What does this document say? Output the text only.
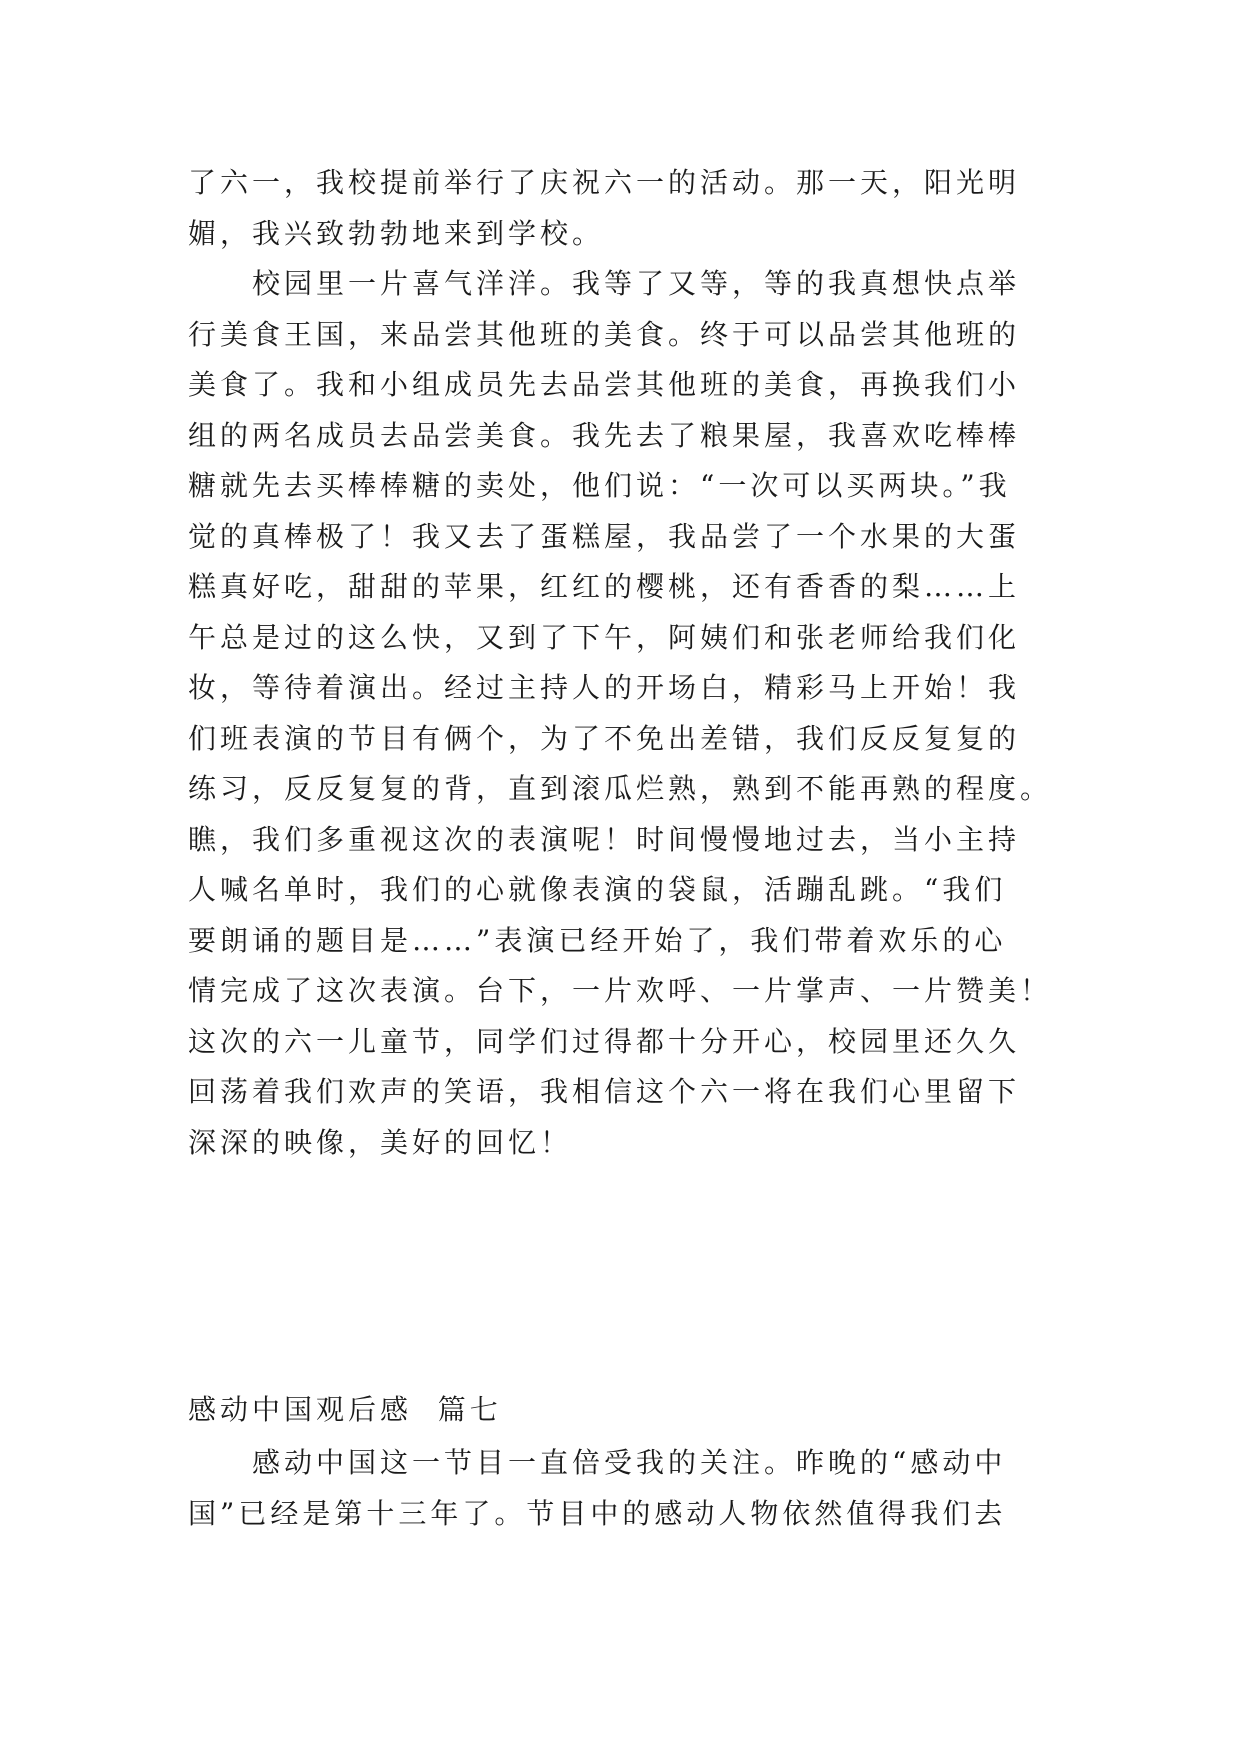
了六一，我校提前举行了庆祝六一的活动。那一天，阳光明
媚，我兴致勃勃地来到学校。
校园里一片喜气洋洋。我等了又等，等的我真想快点举
行美食王国，来品尝其他班的美食。终于可以品尝其他班的
美食了。我和小组成员先去品尝其他班的美食，再换我们小
组的两名成员去品尝美食。我先去了粮果屋，我喜欢吃棒棒
糖就先去买棒棒糖的卖处，他们说：“一次可以买两块。”我
觉的真棒极了！我又去了蛋糕屋，我品尝了一个水果的大蛋
糕真好吃，甜甜的苹果，红红的樱桃，还有香香的梨……上
午总是过的这么快，又到了下午，阿姨们和张老师给我们化
妆，等待着演出。经过主持人的开场白，精彩马上开始！我
们班表演的节目有俩个，为了不免出差错，我们反反复复的
练习，反反复复的背，直到滚瓜烂熟，熟到不能再熟的程度。
瞧，我们多重视这次的表演呢！时间慢慢地过去，当小主持
人喊名单时，我们的心就像表演的袋鼠，活蹦乱跳。“我们
要朗诵的题目是……”表演已经开始了，我们带着欢乐的心
情完成了这次表演。台下，一片欢呼、一片掌声、一片赞美！
这次的六一儿童节，同学们过得都十分开心，校园里还久久
回荡着我们欢声的笑语，我相信这个六一将在我们心里留下
深深的映像，美好的回忆！
感动中国观后感  篇七
感动中国这一节目一直倍受我的关注。昨晚的“感动中
国”已经是第十三年了。节目中的感动人物依然值得我们去
